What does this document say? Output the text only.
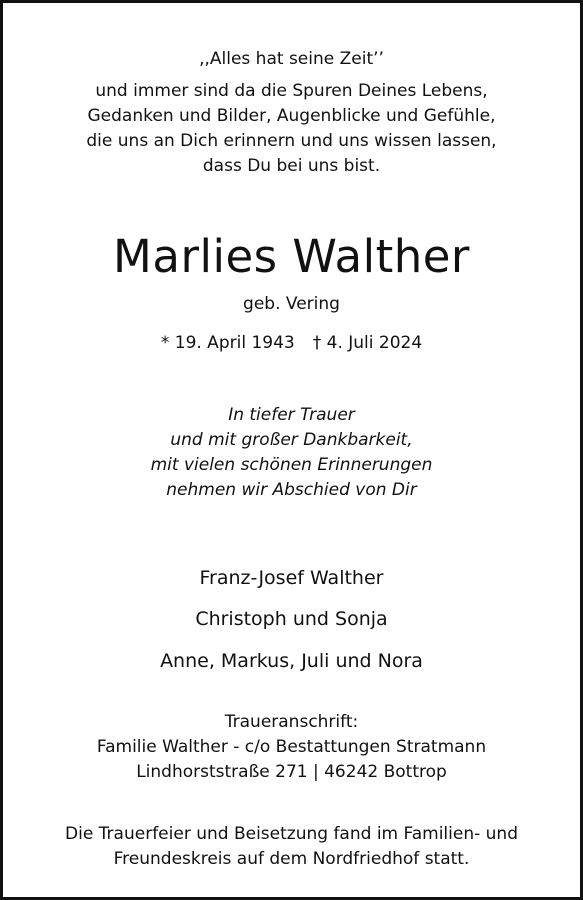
,,Alles hat seine Zeit’’
und immer sind da die Spuren Deines Lebens,
Gedanken und Bilder, Augenblicke und Gefühle,
die uns an Dich erinnern und uns wissen lassen,
dass Du bei uns bist.
Marlies Walther
geb. Vering
* 19. April 1943 † 4. Juli 2024
In tiefer Trauer
und mit großer Dankbarkeit,
mit vielen schönen Erinnerungen
nehmen wir Abschied von Dir
Franz-Josef Walther
Christoph und Sonja
Anne, Markus, Juli und Nora
Traueranschrift:
Familie Walther - c/o Bestattungen Stratmann
Lindhorststraße 271 | 46242 Bottrop
Die Trauerfeier und Beisetzung fand im Familien- und
Freundeskreis auf dem Nordfriedhof statt.
